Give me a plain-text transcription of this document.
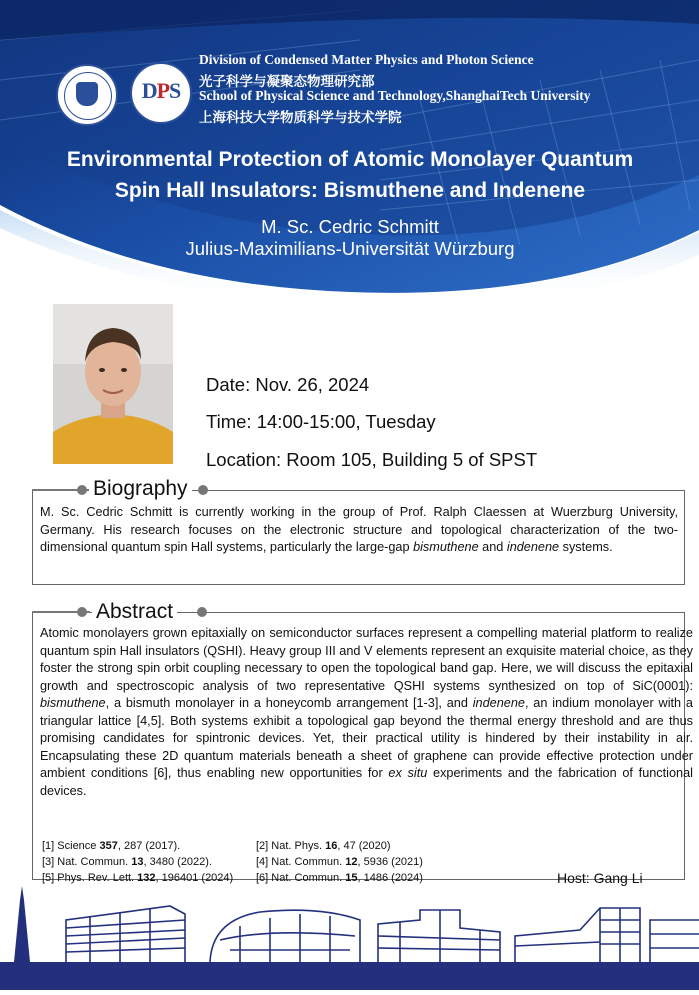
DPS
Division of Condensed Matter Physics and Photon Science
光子科学与凝聚态物理研究部
School of Physical Science and Technology,ShanghaiTech University
上海科技大学物质科学与技术学院
Environmental Protection of Atomic Monolayer Quantum
Spin Hall Insulators: Bismuthene and Indenene
M. Sc. Cedric Schmitt
Julius-Maximilians-Universität Würzburg
Date: Nov. 26, 2024
Time: 14:00-15:00, Tuesday
Location: Room 105, Building 5 of SPST
Biography
M. Sc. Cedric Schmitt is currently working in the group of Prof. Ralph Claessen at Wuerzburg University, Germany. His research focuses on the electronic structure and topological characterization of the two-dimensional quantum spin Hall systems, particularly the large-gap bismuthene and indenene systems.
Abstract
Atomic monolayers grown epitaxially on semiconductor surfaces represent a compelling material platform to realize quantum spin Hall insulators (QSHI). Heavy group III and V elements represent an exquisite material choice, as they foster the strong spin orbit coupling necessary to open the topological band gap. Here, we will discuss the epitaxial growth and spectroscopic analysis of two representative QSHI systems synthesized on top of SiC(0001): bismuthene, a bismuth monolayer in a honeycomb arrangement [1-3], and indenene, an indium monolayer with a triangular lattice [4,5]. Both systems exhibit a topological gap beyond the thermal energy threshold and are thus promising candidates for spintronic devices. Yet, their practical utility is hindered by their instability in air. Encapsulating these 2D quantum materials beneath a sheet of graphene can provide effective protection under ambient conditions [6], thus enabling new opportunities for ex situ experiments and the fabrication of functional devices.
[1] Science 357, 287 (2017).	[2] Nat. Phys. 16, 47 (2020)
[3] Nat. Commun. 13, 3480 (2022).	[4] Nat. Commun. 12, 5936 (2021)
[5] Phys. Rev. Lett. 132, 196401 (2024) [6] Nat. Commun. 15, 1486 (2024)	Host: Gang Li
